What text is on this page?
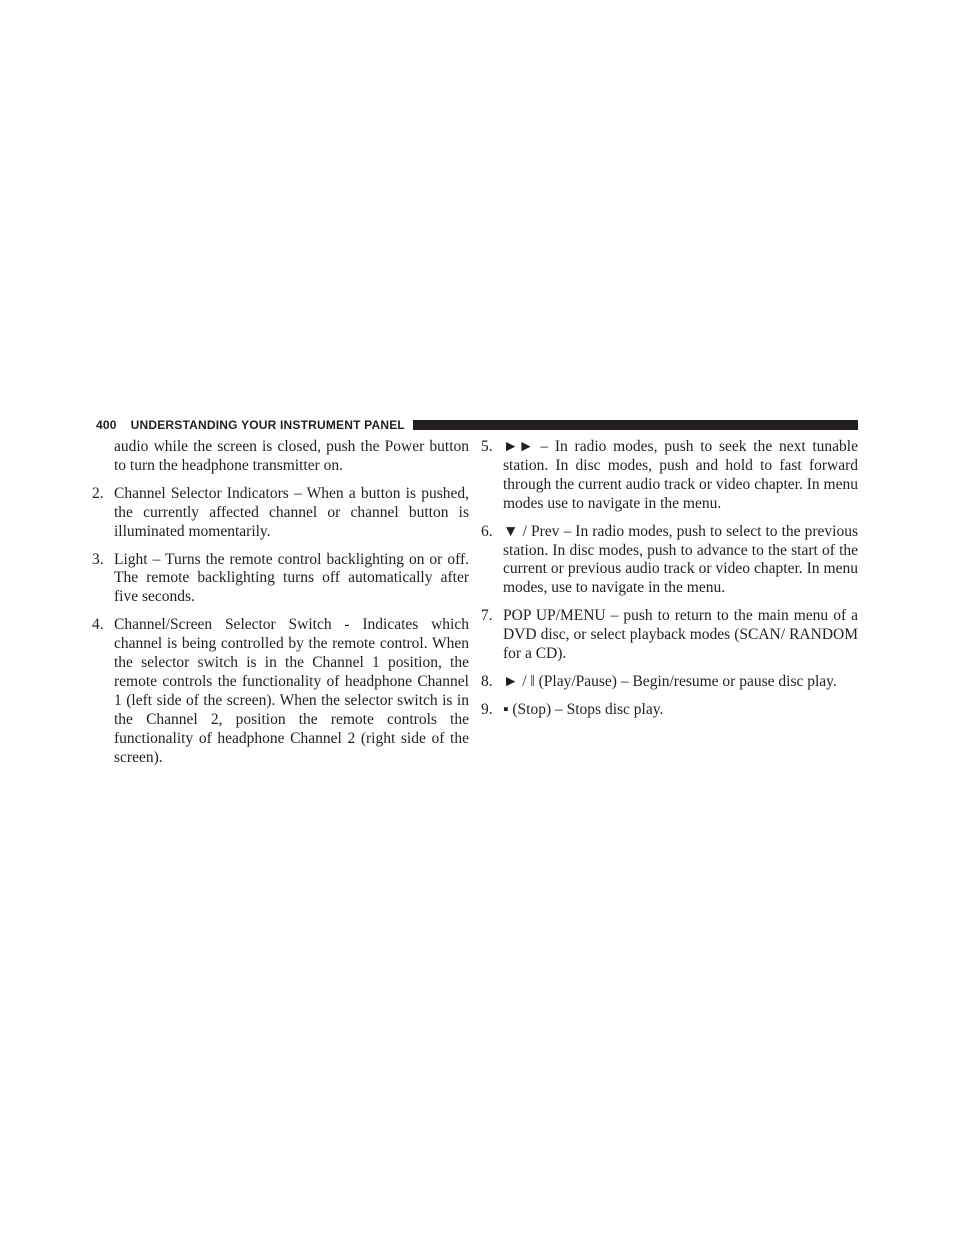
400 UNDERSTANDING YOUR INSTRUMENT PANEL
audio while the screen is closed, push the Power button to turn the headphone transmitter on.
2. Channel Selector Indicators – When a button is pushed, the currently affected channel or channel button is illuminated momentarily.
3. Light – Turns the remote control backlighting on or off. The remote backlighting turns off automatically after five seconds.
4. Channel/Screen Selector Switch - Indicates which channel is being controlled by the remote control. When the selector switch is in the Channel 1 position, the remote controls the functionality of headphone Channel 1 (left side of the screen). When the selector switch is in the Channel 2, position the remote controls the functionality of headphone Channel 2 (right side of the screen).
5. ►► – In radio modes, push to seek the next tunable station. In disc modes, push and hold to fast forward through the current audio track or video chapter. In menu modes use to navigate in the menu.
6. ▼ / Prev – In radio modes, push to select to the previous station. In disc modes, push to advance to the start of the current or previous audio track or video chapter. In menu modes, use to navigate in the menu.
7. POP UP/MENU – push to return to the main menu of a DVD disc, or select playback modes (SCAN/ RANDOM for a CD).
8. ► / ‖ (Play/Pause) – Begin/resume or pause disc play.
9. ▪ (Stop) – Stops disc play.
